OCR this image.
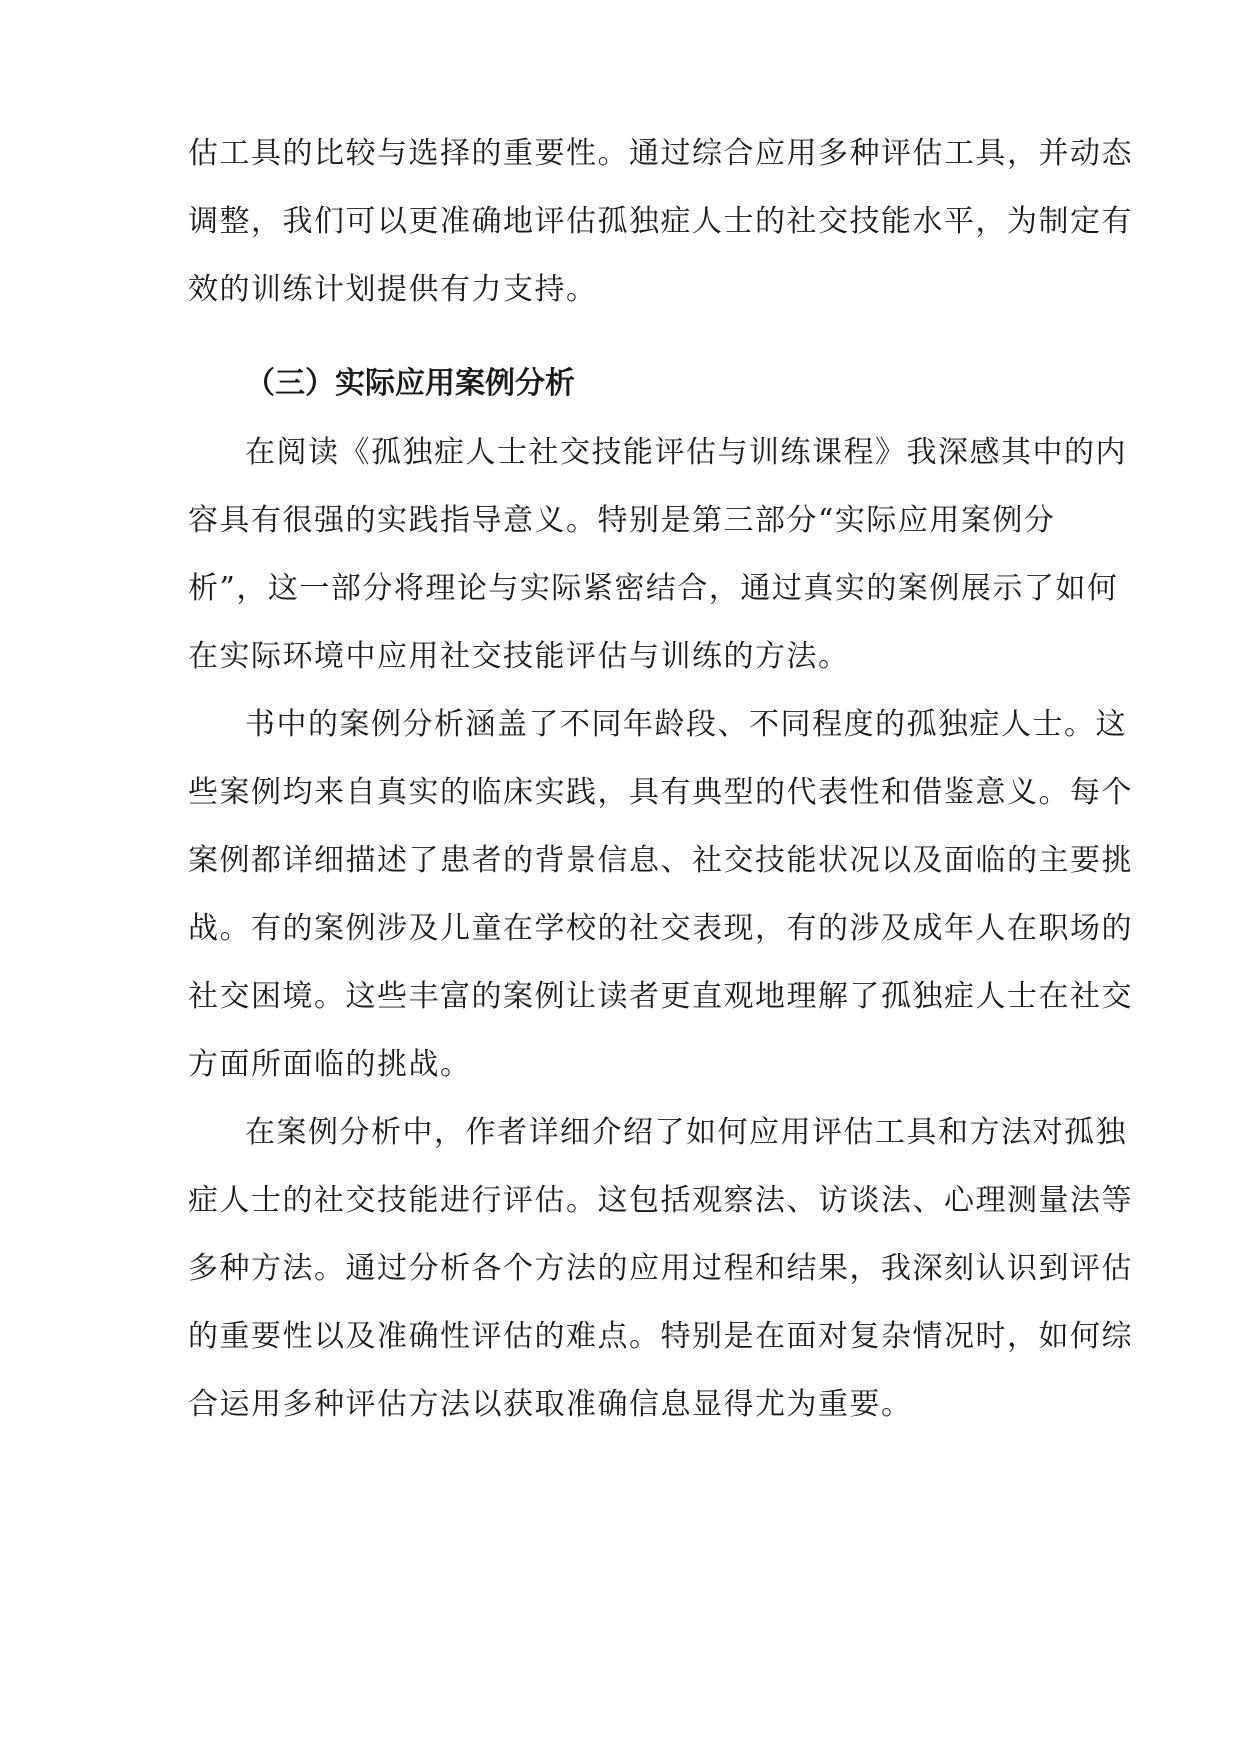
估工具的比较与选择的重要性。通过综合应用多种评估工具，并动态
调整，我们可以更准确地评估孤独症人士的社交技能水平，为制定有
效的训练计划提供有力支持。
（三）实际应用案例分析
在阅读《孤独症人士社交技能评估与训练课程》我深感其中的内
容具有很强的实践指导意义。特别是第三部分“实际应用案例分
析”，这一部分将理论与实际紧密结合，通过真实的案例展示了如何
在实际环境中应用社交技能评估与训练的方法。
书中的案例分析涵盖了不同年龄段、不同程度的孤独症人士。这
些案例均来自真实的临床实践，具有典型的代表性和借鉴意义。每个
案例都详细描述了患者的背景信息、社交技能状况以及面临的主要挑
战。有的案例涉及儿童在学校的社交表现，有的涉及成年人在职场的
社交困境。这些丰富的案例让读者更直观地理解了孤独症人士在社交
方面所面临的挑战。
在案例分析中，作者详细介绍了如何应用评估工具和方法对孤独
症人士的社交技能进行评估。这包括观察法、访谈法、心理测量法等
多种方法。通过分析各个方法的应用过程和结果，我深刻认识到评估
的重要性以及准确性评估的难点。特别是在面对复杂情况时，如何综
合运用多种评估方法以获取准确信息显得尤为重要。
